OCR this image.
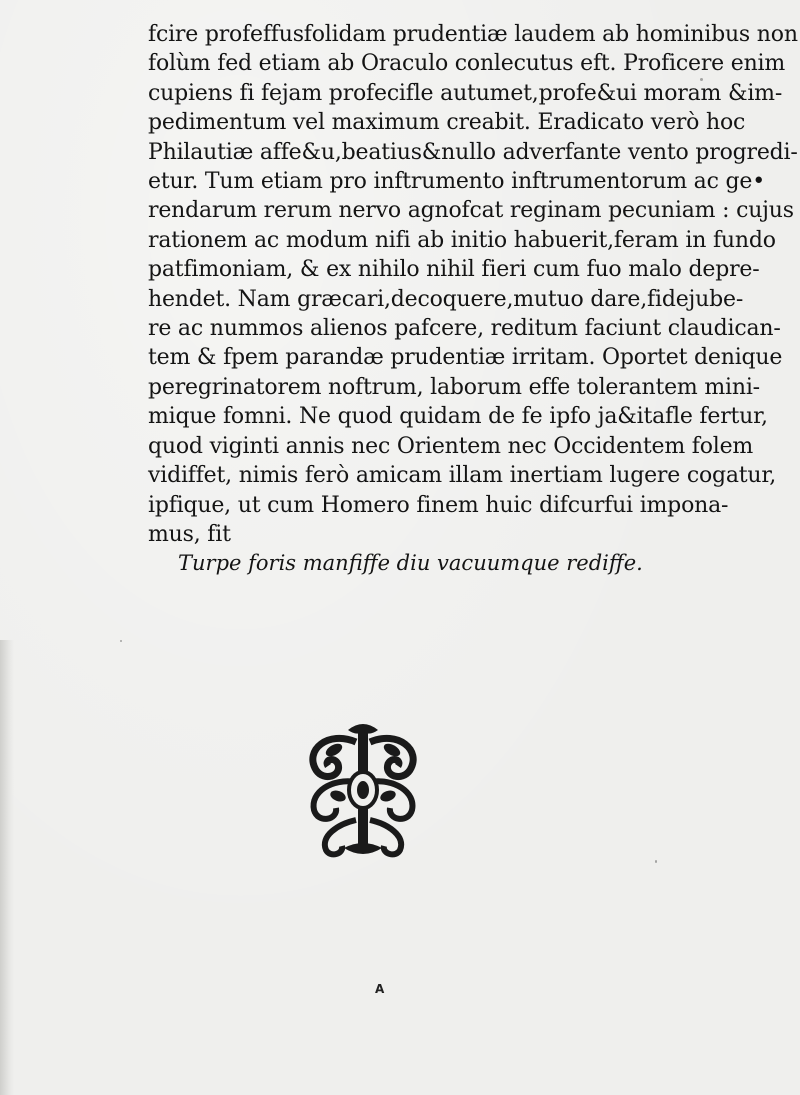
fcire profeffusfolidam prudentiæ laudem ab hominibus non
folùm fed etiam ab Oraculo conlecutus eft. Proficere enim
cupiens fi fejam profecifle autumet,profe&ui moram &im-
pedimentum vel maximum creabit. Eradicato verò hoc
Philautiæ affe&u,beatius&nullo adverfante vento progredi-
etur. Tum etiam pro inftrumento inftrumentorum ac ge•
rendarum rerum nervo agnofcat reginam pecuniam : cujus
rationem ac modum nifi ab initio habuerit,feram in fundo
patfimoniam, & ex nihilo nihil fieri cum fuo malo depre-
hendet. Nam græcari,decoquere,mutuo dare,fidejube-
re ac nummos alienos pafcere, reditum faciunt claudican-
tem & fpem parandæ prudentiæ irritam. Oportet denique
peregrinatorem noftrum, laborum effe tolerantem mini-
mique fomni. Ne quod quidam de fe ipfo ja&itafle fertur,
quod viginti annis nec Orientem nec Occidentem folem
vidiffet, nimis ferò amicam illam inertiam lugere cogatur,
ipfique, ut cum Homero finem huic difcurfui imponа-
mus, fit
Turpe foris manfiffe diu vacuumque rediffe.
A
